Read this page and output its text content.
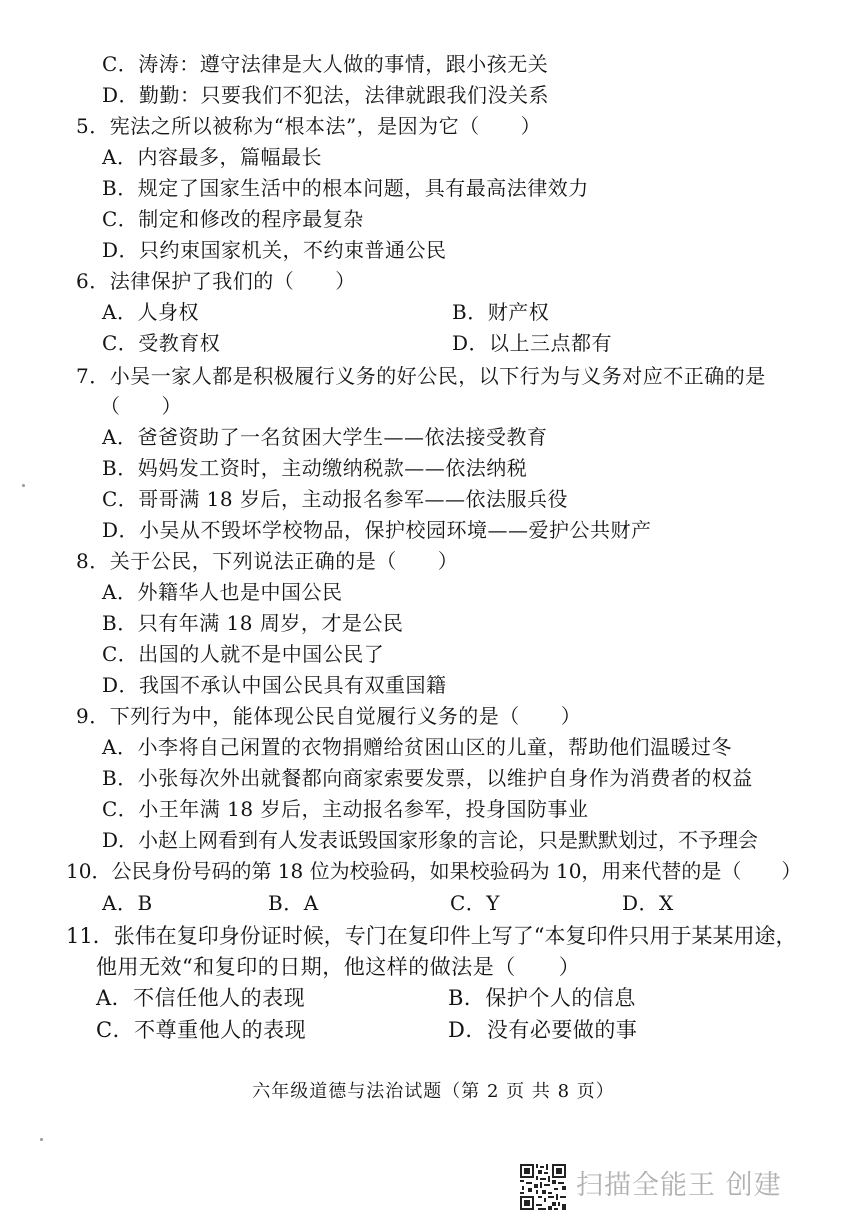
C．涛涛：遵守法律是大人做的事情，跟小孩无关
D．勤勤：只要我们不犯法，法律就跟我们没关系
5．宪法之所以被称为“根本法”，是因为它（　　）
A．内容最多，篇幅最长
B．规定了国家生活中的根本问题，具有最高法律效力
C．制定和修改的程序最复杂
D．只约束国家机关，不约束普通公民
6．法律保护了我们的（　　）
A．人身权	B．财产权
C．受教育权	D．以上三点都有
7．小吴一家人都是积极履行义务的好公民，以下行为与义务对应不正确的是
（　　）
A．爸爸资助了一名贫困大学生——依法接受教育
B．妈妈发工资时，主动缴纳税款——依法纳税
C．哥哥满 18 岁后，主动报名参军——依法服兵役
D．小吴从不毁坏学校物品，保护校园环境——爱护公共财产
8．关于公民，下列说法正确的是（　　）
A．外籍华人也是中国公民
B．只有年满 18 周岁，才是公民
C．出国的人就不是中国公民了
D．我国不承认中国公民具有双重国籍
9．下列行为中，能体现公民自觉履行义务的是（　　）
A．小李将自己闲置的衣物捐赠给贫困山区的儿童，帮助他们温暖过冬
B．小张每次外出就餐都向商家索要发票，以维护自身作为消费者的权益
C．小王年满 18 岁后，主动报名参军，投身国防事业
D．小赵上网看到有人发表诋毁国家形象的言论，只是默默划过，不予理会
10．公民身份号码的第 18 位为校验码，如果校验码为 10，用来代替的是（　　）
A．B	B．A	C．Y	D．X
11．张伟在复印身份证时候，专门在复印件上写了“本复印件只用于某某用途，
他用无效“和复印的日期，他这样的做法是（　　）
A．不信任他人的表现	B．保护个人的信息
C．不尊重他人的表现	D．没有必要做的事
六年级道德与法治试题（第 2 页 共 8 页）
扫描全能王 创建
